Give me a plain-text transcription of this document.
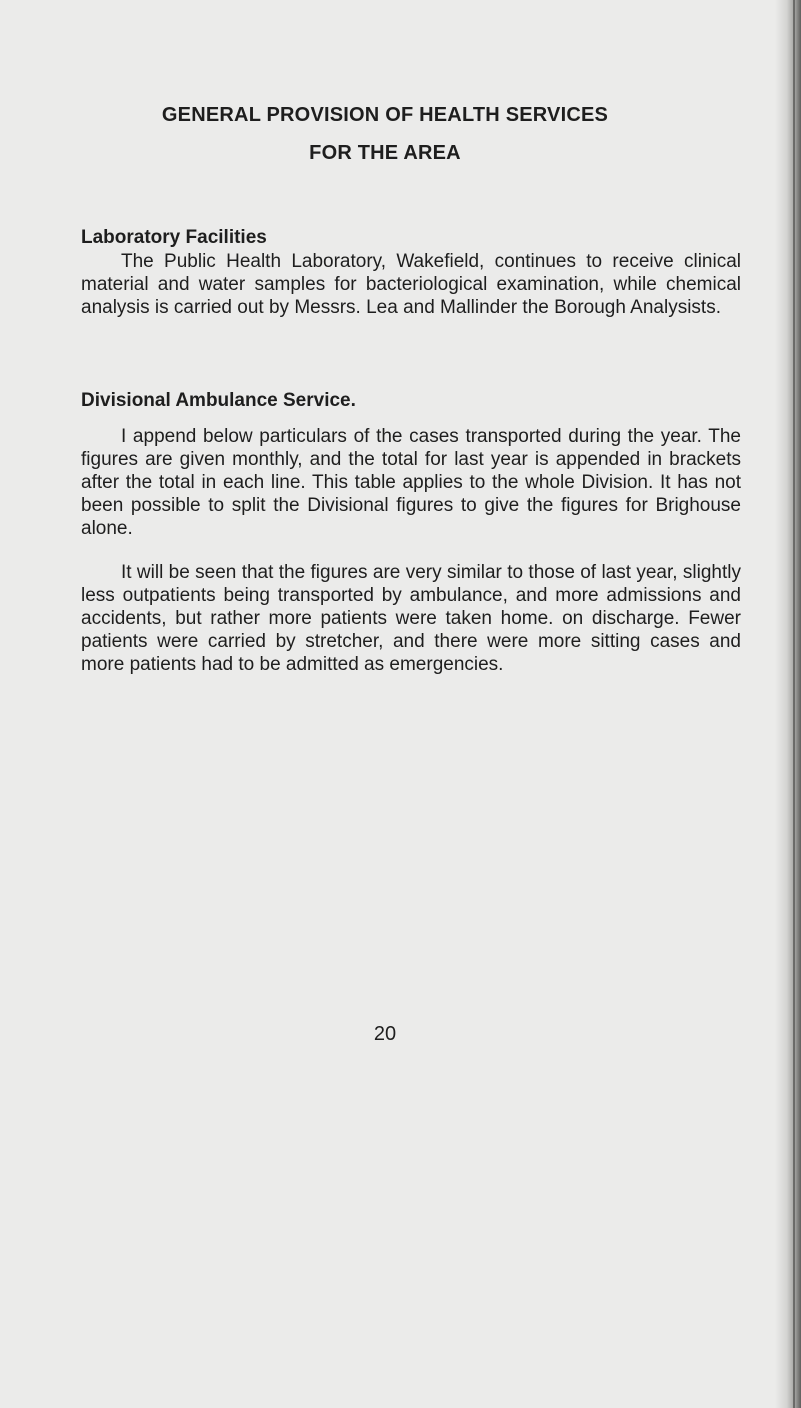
GENERAL PROVISION OF HEALTH SERVICES
FOR THE AREA
Laboratory Facilities

The Public Health Laboratory, Wakefield, continues to receive clinical material and water samples for bacteriological examination, while chemical analysis is carried out by Messrs. Lea and Mallinder the Borough Analysists.

Divisional Ambulance Service.

I append below particulars of the cases transported during the year. The figures are given monthly, and the total for last year is appended in brackets after the total in each line. This table applies to the whole Division. It has not been possible to split the Divisional figures to give the figures for Brighouse alone.

It will be seen that the figures are very similar to those of last year, slightly less outpatients being transported by ambulance, and more admissions and accidents, but rather more patients were taken home. on discharge. Fewer patients were carried by stretcher, and there were more sitting cases and more patients had to be admitted as emergencies.

20
